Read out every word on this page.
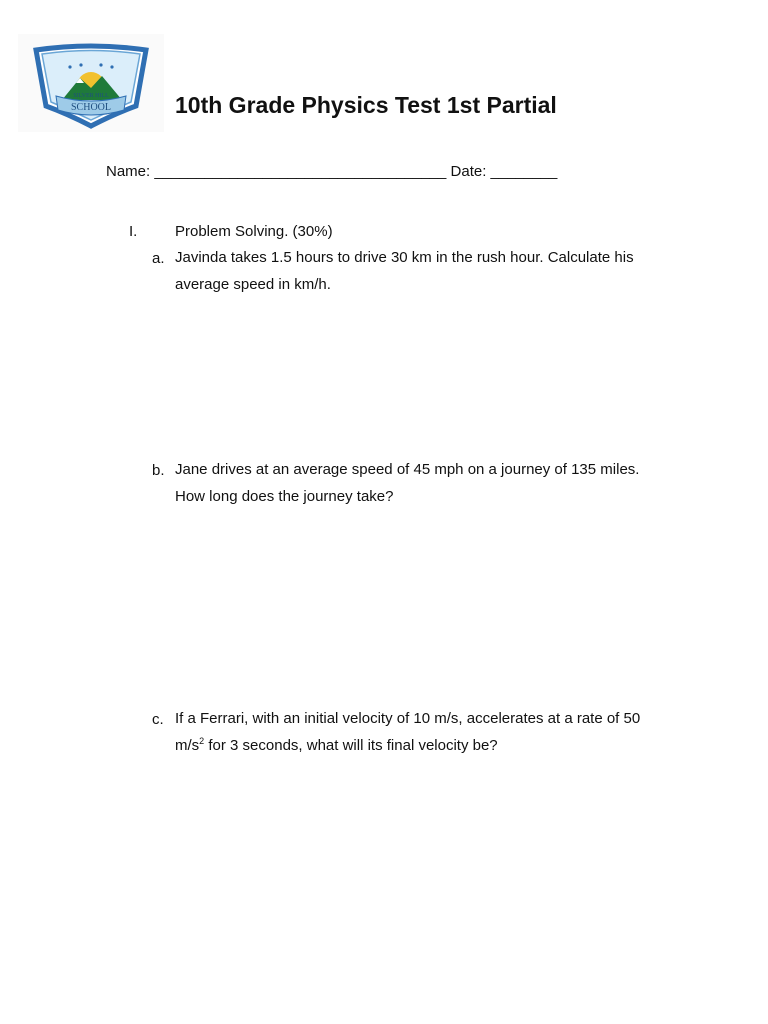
SILVER HILL
SCHOOL	10th Grade Physics Test 1st Partial
Name: ___________________________________ Date: ________
I.	Problem Solving. (30%)
a. Javinda takes 1.5 hours to drive 30 km in the rush hour. Calculate his average speed in km/h.
b. Jane drives at an average speed of 45 mph on a journey of 135 miles. How long does the journey take?
c. If a Ferrari, with an initial velocity of 10 m/s, accelerates at a rate of 50 $m/s^2$ for 3 seconds, what will its final velocity be?
